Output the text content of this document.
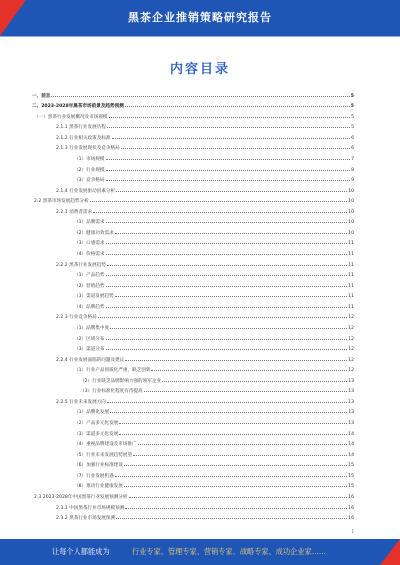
黑茶企业推销策略研究报告
内容目录
一、前言	5
二、2023-2028年黑茶市场前景及趋势预测	5
（一）黑茶行业发展概况及市场规模	5
2.1.1 黑茶行业发展历程	5
2.1.2 行业相关政策及标准	6
2.1.3 行业发展现状及竞争格局	6
（1）市场规模	7
（2）行业规模	8
（3）竞争格局	9
2.1.4 行业发展驱动因素分析	10
2.2 黑茶市场发展趋势分析	10
2.2.1 消费者需求	10
（1）品牌需求	10
（2）健康功效需求	10
（3）口感需求	11
（4）价格需求	11
2.2.2 黑茶行业发展趋势	11
（1）产品趋势	11
（2）营销趋势	11
（3）渠道发展趋势	11
（4）品牌趋势	11
2.2.3 行业竞争格局	12
（1）品牌集中度	12
（2）区域分布	12
（3）渠道分布	12
2.2.4 行业发展面临的问题及建议	12
（1）行业产品同质化严重，缺乏创新	12
（2）行业缺乏品牌影响力强的领军企业	13
（3）行业标准化程度有待提高	13
2.2.5 行业未来发展方向	13
（1）品牌化发展	13
（2）产品多元化发展	13
（3）渠道多元化发展	14
（4）重视品牌建设及市场推广	14
（5）行业未来发展趋势展望	14
（6）加强行业标准建设	15
（7）行业发展机遇	15
（8）推动行业健康发展	15
2.3 2023-2028年中国黑茶行业发展预测分析	16
2.3.1 中国黑茶行业市场规模预测	16
2.3.2 黑茶行业市场发展预测	16
1
让每个人都能成为	行业专家、管理专家、营销专家、战略专家、成功企业家……
